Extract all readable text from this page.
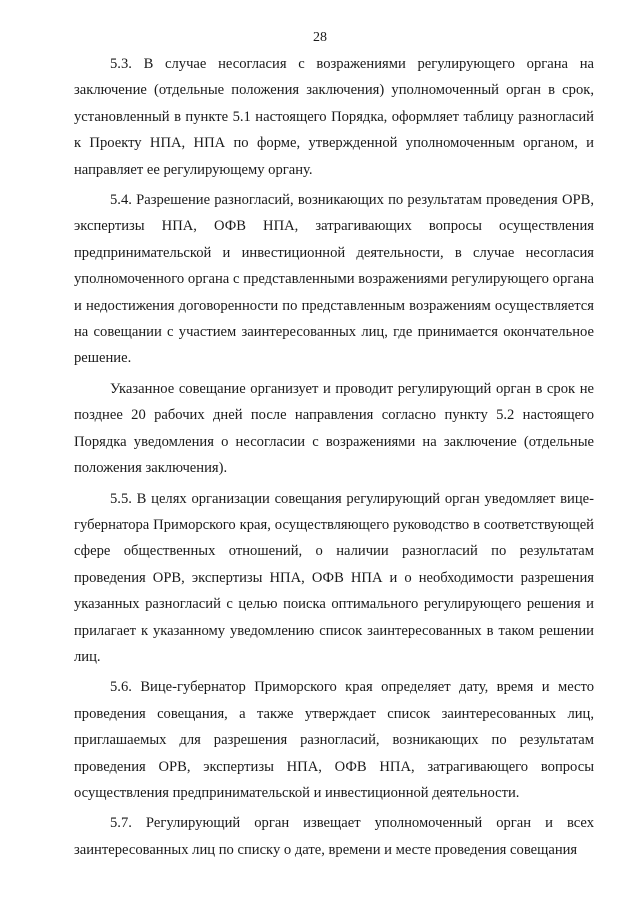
28

5.3. В случае несогласия с возражениями регулирующего органа на заключение (отдельные положения заключения) уполномоченный орган в срок, установленный в пункте 5.1 настоящего Порядка, оформляет таблицу разногласий к Проекту НПА, НПА по форме, утвержденной уполномоченным органом, и направляет ее регулирующему органу.

5.4. Разрешение разногласий, возникающих по результатам проведения ОРВ, экспертизы НПА, ОФВ НПА, затрагивающих вопросы осуществления предпринимательской и инвестиционной деятельности, в случае несогласия уполномоченного органа с представленными возражениями регулирующего органа и недостижения договоренности по представленным возражениям осуществляется на совещании с участием заинтересованных лиц, где принимается окончательное решение.

Указанное совещание организует и проводит регулирующий орган в срок не позднее 20 рабочих дней после направления согласно пункту 5.2 настоящего Порядка уведомления о несогласии с возражениями на заключение (отдельные положения заключения).

5.5. В целях организации совещания регулирующий орган уведомляет вице-губернатора Приморского края, осуществляющего руководство в соответствующей сфере общественных отношений, о наличии разногласий по результатам проведения ОРВ, экспертизы НПА, ОФВ НПА и о необходимости разрешения указанных разногласий с целью поиска оптимального регулирующего решения и прилагает к указанному уведомлению список заинтересованных в таком решении лиц.

5.6. Вице-губернатор Приморского края определяет дату, время и место проведения совещания, а также утверждает список заинтересованных лиц, приглашаемых для разрешения разногласий, возникающих по результатам проведения ОРВ, экспертизы НПА, ОФВ НПА, затрагивающего вопросы осуществления предпринимательской и инвестиционной деятельности.

5.7. Регулирующий орган извещает уполномоченный орган и всех заинтересованных лиц по списку о дате, времени и месте проведения совещания
